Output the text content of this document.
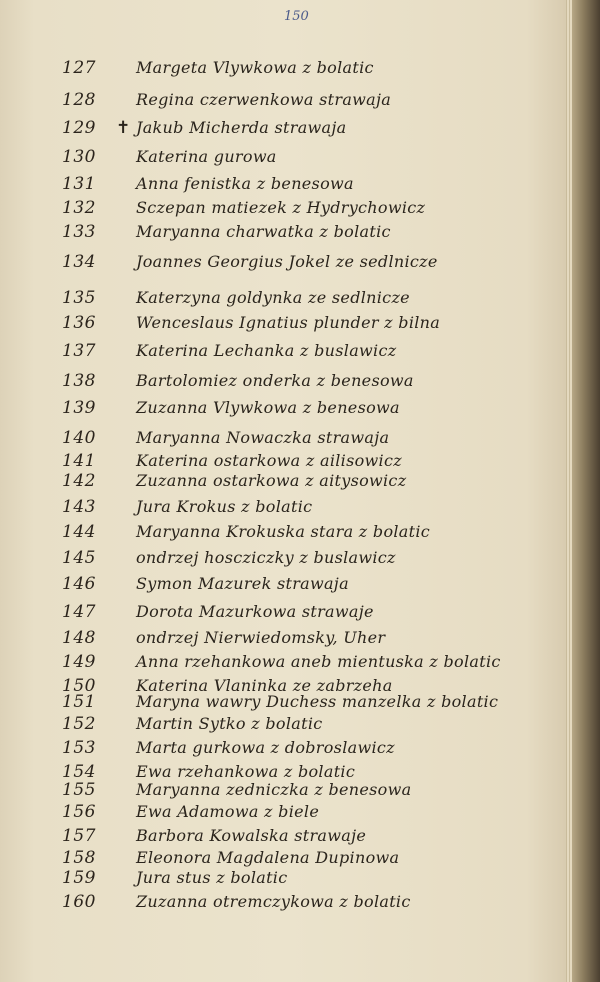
150
127	Margeta Vlywkowa z bolatic
128	Regina czerwenkowa strawaja
129 ✝ Jakub Micherda strawaja
130	Katerina gurowa
131	Anna fenistka z benesowa
132	Sczepan matiezek z Hydrychowicz
133	Maryanna charwatka z bolatic
134	Joannes Georgius Jokel ze sedlnicze
135	Katerzyna goldynka ze sedlnicze
136	Wenceslaus Ignatius plunder z bilna
137	Katerina Lechanka z buslawicz
138	Bartolomiez onderka z benesowa
139	Zuzanna Vlywkowa z benesowa
140	Maryanna Nowaczka strawaja
141	Katerina ostarkowa z ailisowicz
142	Zuzanna ostarkowa z aitysowicz
143	Jura Krokus z bolatic
144	Maryanna Krokuska stara z bolatic
145	ondrzej hoscziczky z buslawicz
146	Symon Mazurek strawaja
147	Dorota Mazurkowa strawaje
148	ondrzej Nierwiedomsky, Uher
149	Anna rzehankowa aneb mientuska z bolatic
150	Katerina Vlaninka ze zabrzeha
151	Maryna wawry Duchess manzelka z bolatic
152	Martin Sytko z bolatic
153	Marta gurkowa z dobroslawicz
154	Ewa rzehankowa z bolatic
155	Maryanna zedniczka z benesowa
156	Ewa Adamowa z biele
157	Barbora Kowalska strawaje
158	Eleonora Magdalena Dupinowa
159	Jura stus z bolatic
160	Zuzanna otremczykowa z bolatic
